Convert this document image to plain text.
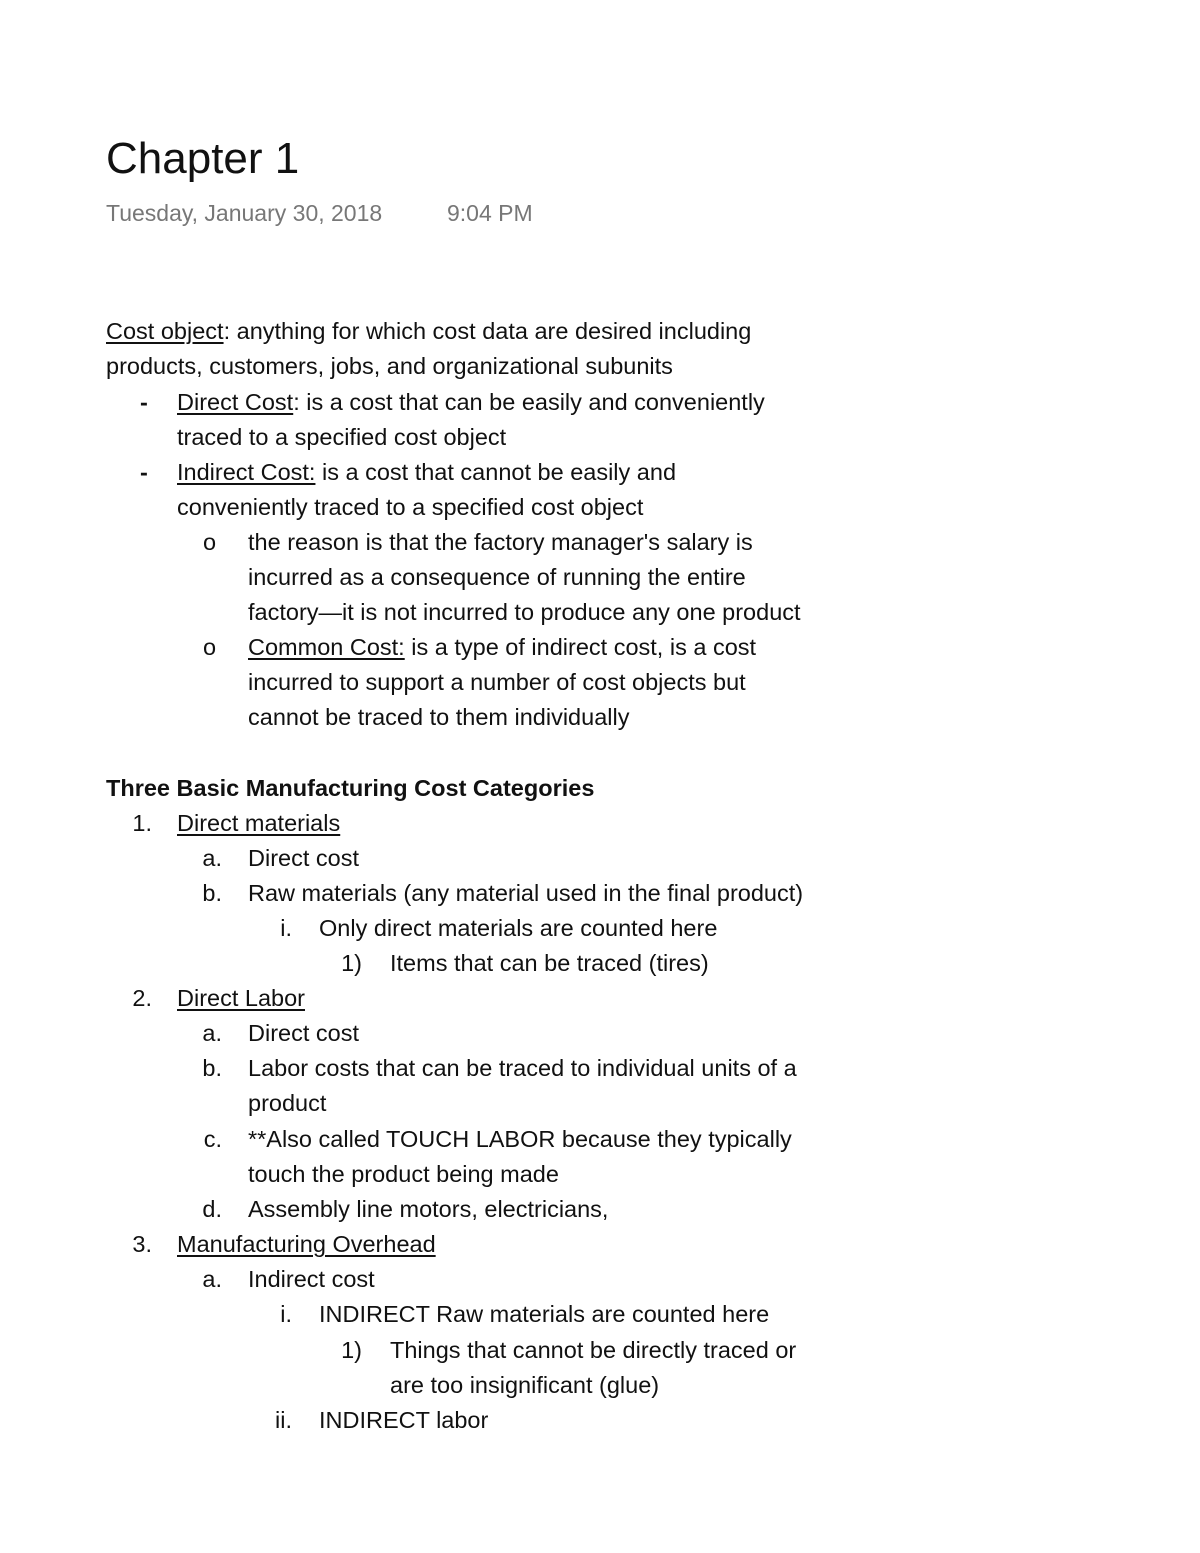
Chapter 1
Tuesday, January 30, 2018	9:04 PM
Cost object: anything for which cost data are desired including
products, customers, jobs, and organizational subunits
- Direct Cost: is a cost that can be easily and conveniently
traced to a specified cost object
- Indirect Cost: is a cost that cannot be easily and
conveniently traced to a specified cost object
o the reason is that the factory manager's salary is
incurred as a consequence of running the entire
factory—it is not incurred to produce any one product
o Common Cost: is a type of indirect cost, is a cost
incurred to support a number of cost objects but
cannot be traced to them individually
Three Basic Manufacturing Cost Categories
1. Direct materials
a. Direct cost
b. Raw materials (any material used in the final product)
i. Only direct materials are counted here
1) Items that can be traced (tires)
2. Direct Labor
a. Direct cost
b. Labor costs that can be traced to individual units of a
product
c. **Also called TOUCH LABOR because they typically
touch the product being made
d. Assembly line motors, electricians,
3. Manufacturing Overhead
a. Indirect cost
i. INDIRECT Raw materials are counted here
1) Things that cannot be directly traced or
are too insignificant (glue)
ii. INDIRECT labor
